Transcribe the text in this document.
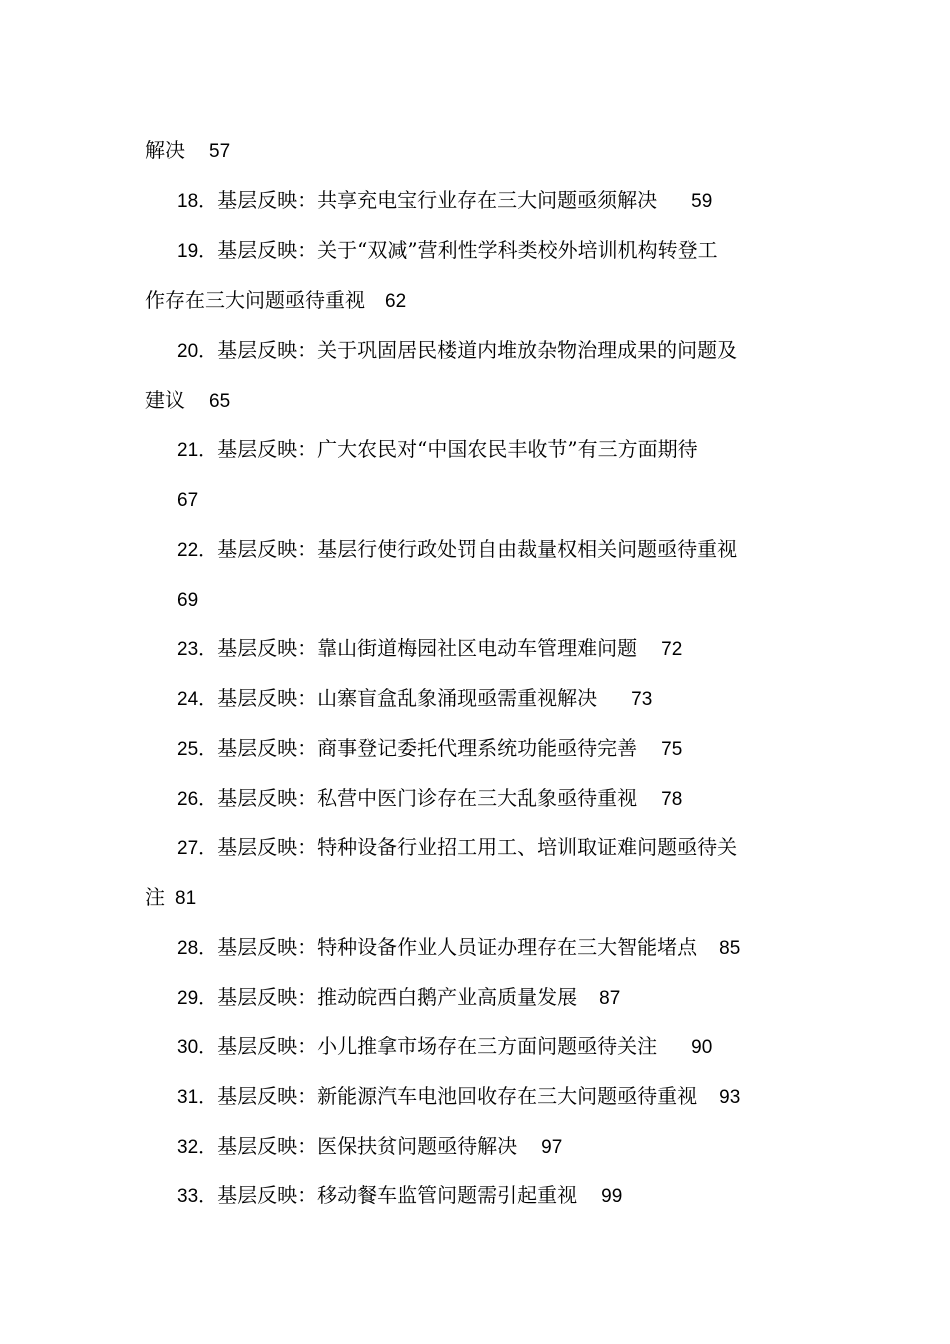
解决 57
18．基层反映：共享充电宝行业存在三大问题亟须解决 59
19．基层反映：关于“双减”营利性学科类校外培训机构转登工
作存在三大问题亟待重视 62
20．基层反映：关于巩固居民楼道内堆放杂物治理成果的问题及
建议 65
21．基层反映：广大农民对“中国农民丰收节”有三方面期待
67
22．基层反映：基层行使行政处罚自由裁量权相关问题亟待重视
69
23．基层反映：靠山街道梅园社区电动车管理难问题 72
24．基层反映：山寨盲盒乱象涌现亟需重视解决 73
25．基层反映：商事登记委托代理系统功能亟待完善 75
26．基层反映：私营中医门诊存在三大乱象亟待重视 78
27．基层反映：特种设备行业招工用工、培训取证难问题亟待关
注 81
28．基层反映：特种设备作业人员证办理存在三大智能堵点 85
29．基层反映：推动皖西白鹅产业高质量发展 87
30．基层反映：小儿推拿市场存在三方面问题亟待关注 90
31．基层反映：新能源汽车电池回收存在三大问题亟待重视 93
32．基层反映：医保扶贫问题亟待解决 97
33．基层反映：移动餐车监管问题需引起重视 99
